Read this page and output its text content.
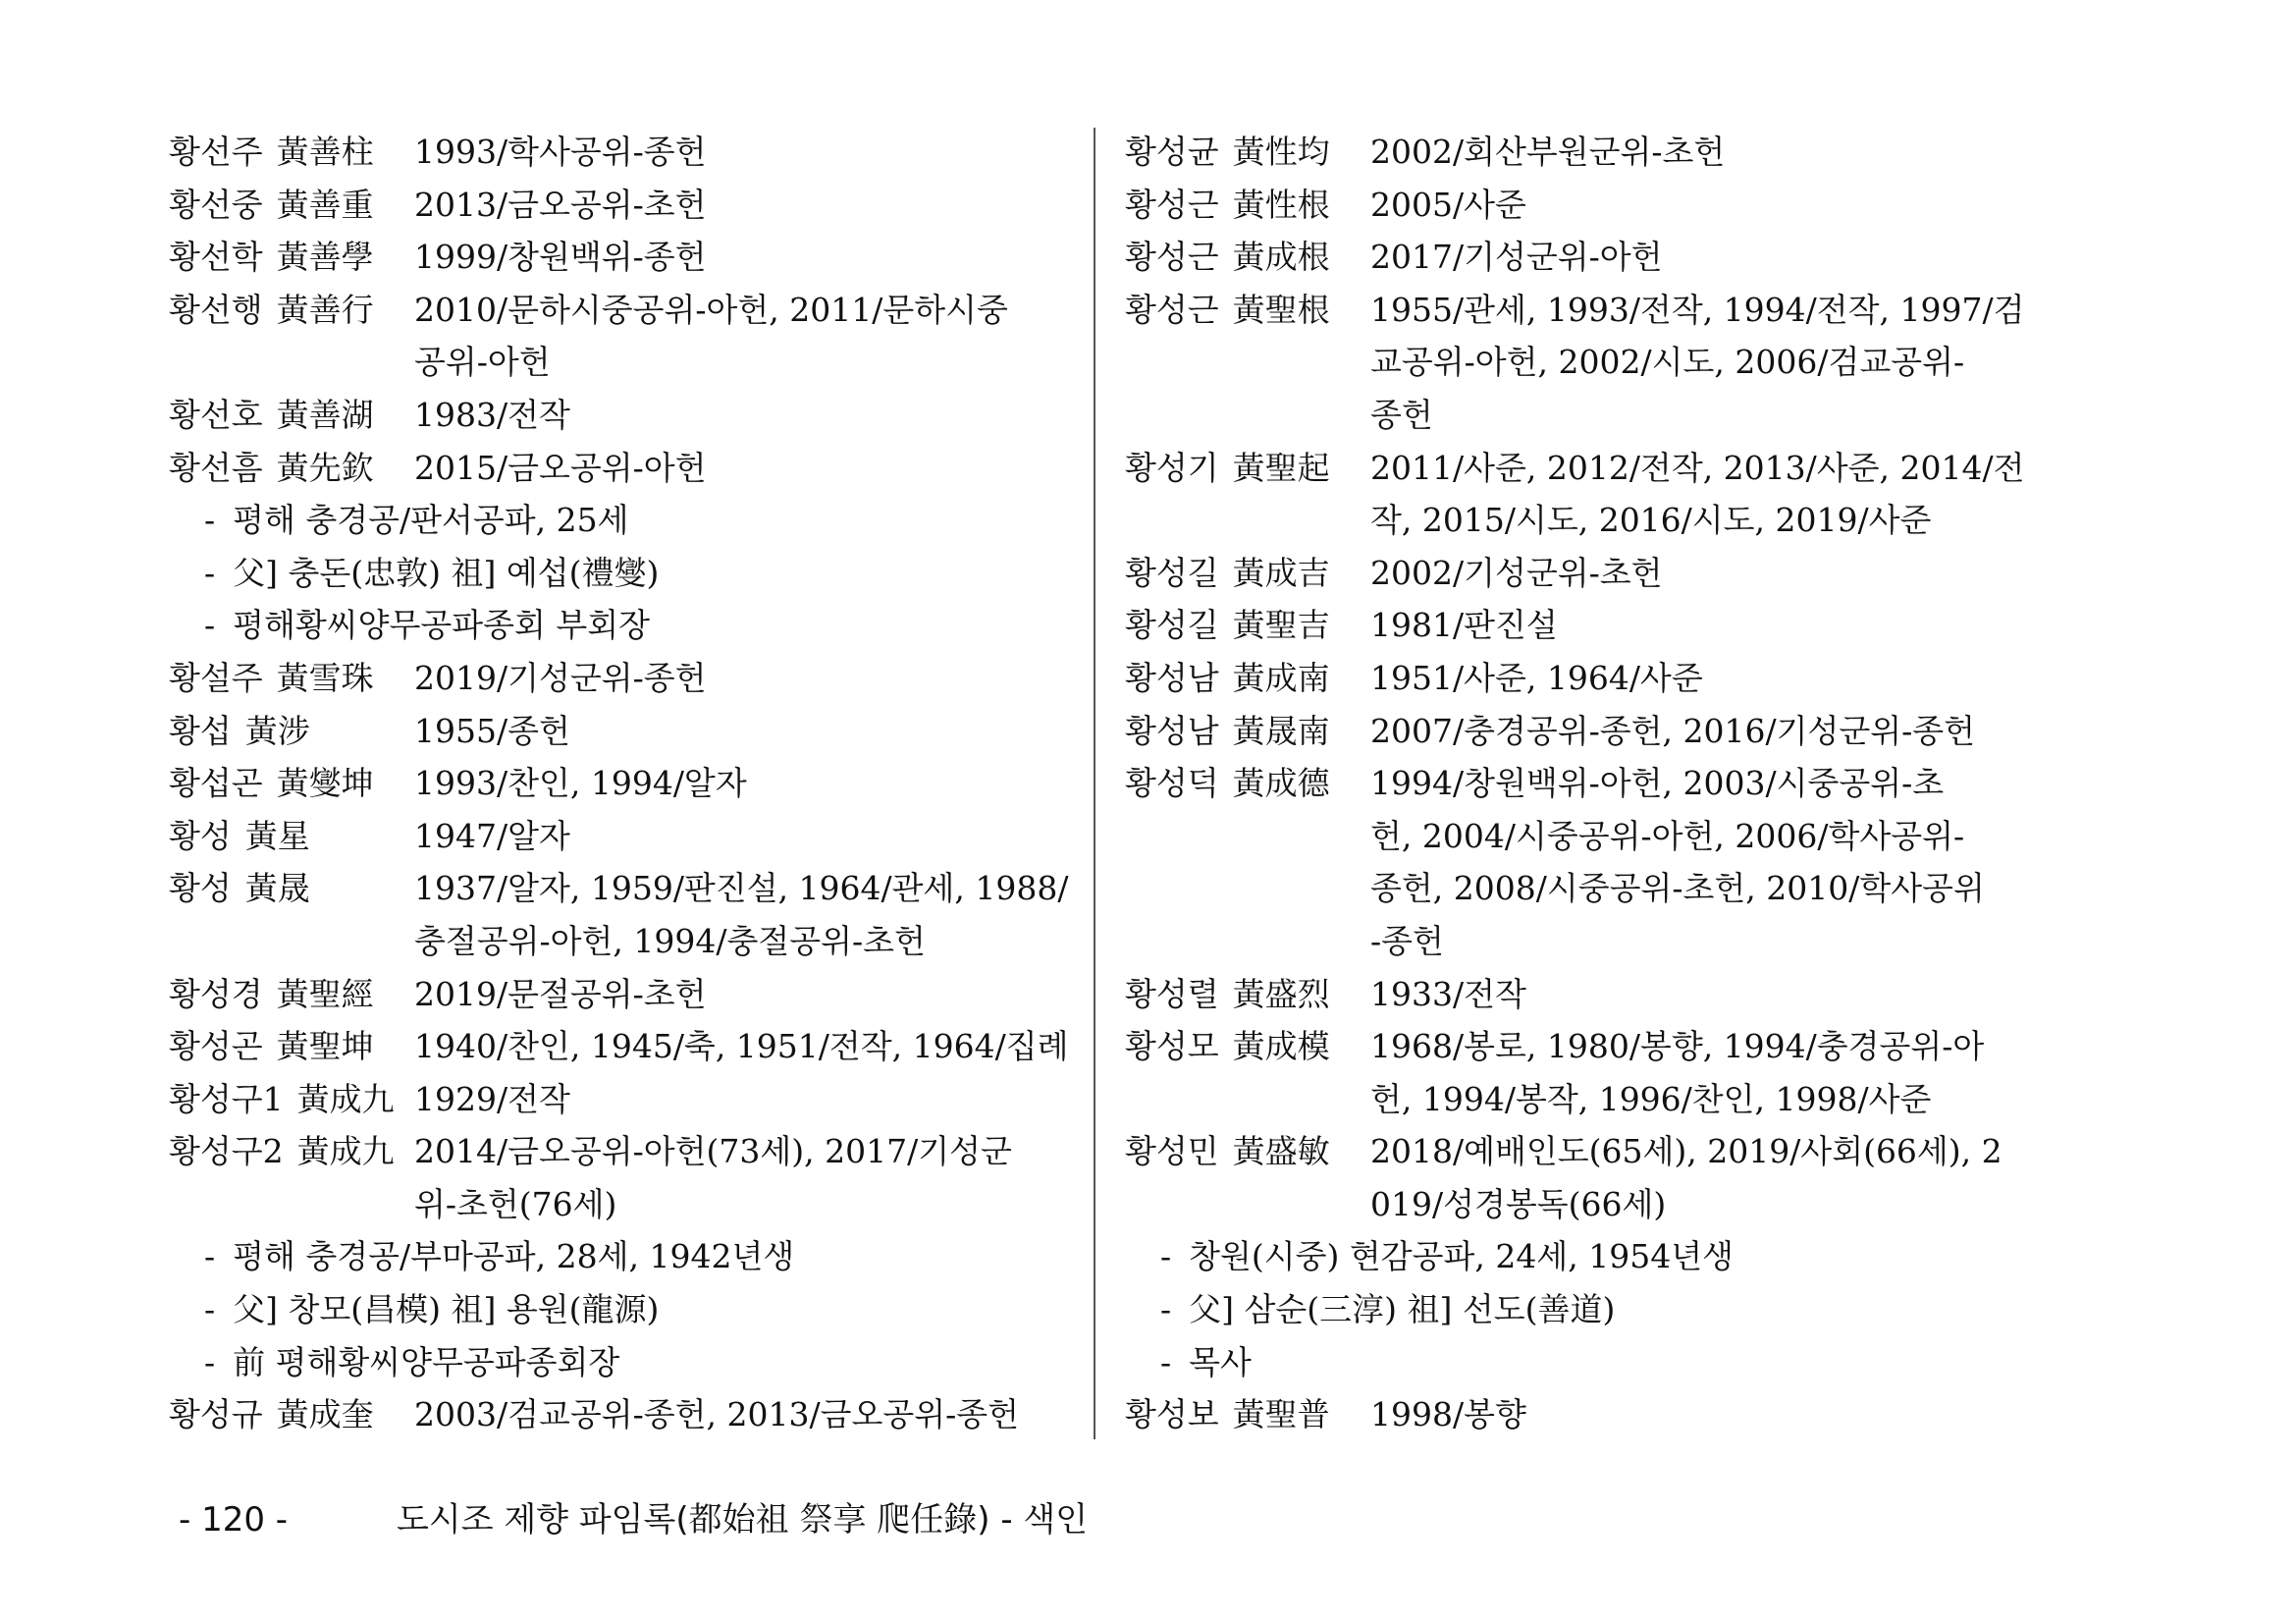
황선주 黃善柱	1993/학사공위-종헌
황선중 黃善重	2013/금오공위-초헌
황선학 黃善學	1999/창원백위-종헌
황선행 黃善行	2010/문하시중공위-아헌, 2011/문하시중
공위-아헌
황선호 黃善湖	1983/전작
황선흠 黃先欽	2015/금오공위-아헌
- 평해 충경공/판서공파, 25세
- 父] 충돈(忠敦) 祖] 예섭(禮燮)
- 평해황씨양무공파종회 부회장
황설주 黃雪珠	2019/기성군위-종헌
황섭 黃涉	1955/종헌
황섭곤 黃燮坤	1993/찬인, 1994/알자
황성 黃星	1947/알자
황성 黃晟	1937/알자, 1959/판진설, 1964/관세, 1988/
충절공위-아헌, 1994/충절공위-초헌
황성경 黃聖經	2019/문절공위-초헌
황성곤 黃聖坤	1940/찬인, 1945/축, 1951/전작, 1964/집례
황성구1 黃成九 1929/전작
황성구2 黃成九 2014/금오공위-아헌(73세), 2017/기성군
위-초헌(76세)
- 평해 충경공/부마공파, 28세, 1942년생
- 父] 창모(昌模) 祖] 용원(龍源)
- 前 평해황씨양무공파종회장
황성규 黃成奎	2003/검교공위-종헌, 2013/금오공위-종헌
황성균 黃性均	2002/회산부원군위-초헌
황성근 黃性根	2005/사준
황성근 黃成根	2017/기성군위-아헌
황성근 黃聖根	1955/관세, 1993/전작, 1994/전작, 1997/검
교공위-아헌, 2002/시도, 2006/검교공위-
종헌
황성기 黃聖起	2011/사준, 2012/전작, 2013/사준, 2014/전
작, 2015/시도, 2016/시도, 2019/사준
황성길 黃成吉	2002/기성군위-초헌
황성길 黃聖吉	1981/판진설
황성남 黃成南	1951/사준, 1964/사준
황성남 黃晟南	2007/충경공위-종헌, 2016/기성군위-종헌
황성덕 黃成德	1994/창원백위-아헌, 2003/시중공위-초
헌, 2004/시중공위-아헌, 2006/학사공위-
종헌, 2008/시중공위-초헌, 2010/학사공위
-종헌
황성렬 黃盛烈	1933/전작
황성모 黃成模	1968/봉로, 1980/봉향, 1994/충경공위-아
헌, 1994/봉작, 1996/찬인, 1998/사준
황성민 黃盛敏	2018/예배인도(65세), 2019/사회(66세), 2
019/성경봉독(66세)
- 창원(시중) 현감공파, 24세, 1954년생
- 父] 삼순(三淳) 祖] 선도(善道)
- 목사
황성보 黃聖普	1998/봉향
- 120 -	도시조 제향 파임록(都始祖 祭享 爬任錄) - 색인
